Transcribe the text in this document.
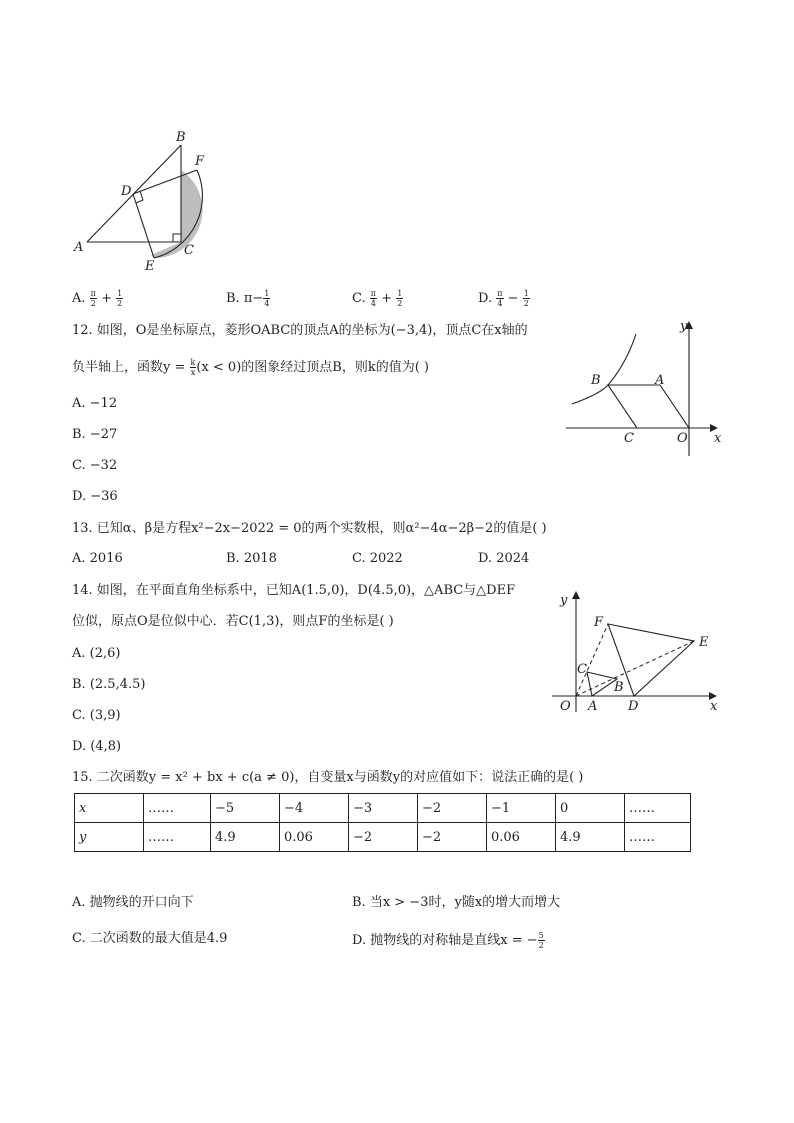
B
F
D
A	C
E
A. $\frac{\pi}{2} + \frac{1}{2}$	B. $\pi- \frac{1}{4}$	C. $\frac{\pi}{4} + \frac{1}{2}$	D. $\frac{\pi}{4} - \frac{1}{2}$
12. 如图，O是坐标原点，菱形OABC的顶点A的坐标为(−3,4)，顶点C在x轴的
负半轴上，函数$y = \frac{k}{x} (x < 0)$的图象经过顶点B，则k的值为( )
A. −12
B. −27
C. −32
D. −36
y
x
B	A
C	O
13. 已知α、β是方程x²−2x−2022 = 0的两个实数根，则α²−4α−2β−2的值是( )
A. 2016	B. 2018	C. 2022	D. 2024
14. 如图，在平面直角坐标系中，已知A(1.5,0)，D(4.5,0)，△ABC与△DEF
位似，原点O是位似中心．若C(1,3)，则点F的坐标是( )
A. (2,6)
B. (2.5,4.5)
C. (3,9)
D. (4,8)
y
x
F
E
C
B
O A D
15. 二次函数y = x² + bx + c(a ≠ 0)，自变量x与函数y的对应值如下：说法正确的是( )
x	……	−5	−4	−3	−2	−1	0	……
y	……	4.9	0.06	−2	−2	0.06	4.9	……
A. 抛物线的开口向下	B. 当x > −3时，y随x的增大而增大
C. 二次函数的最大值是4.9	D. 抛物线的对称轴是直线x = − $\frac{5}{2}$
